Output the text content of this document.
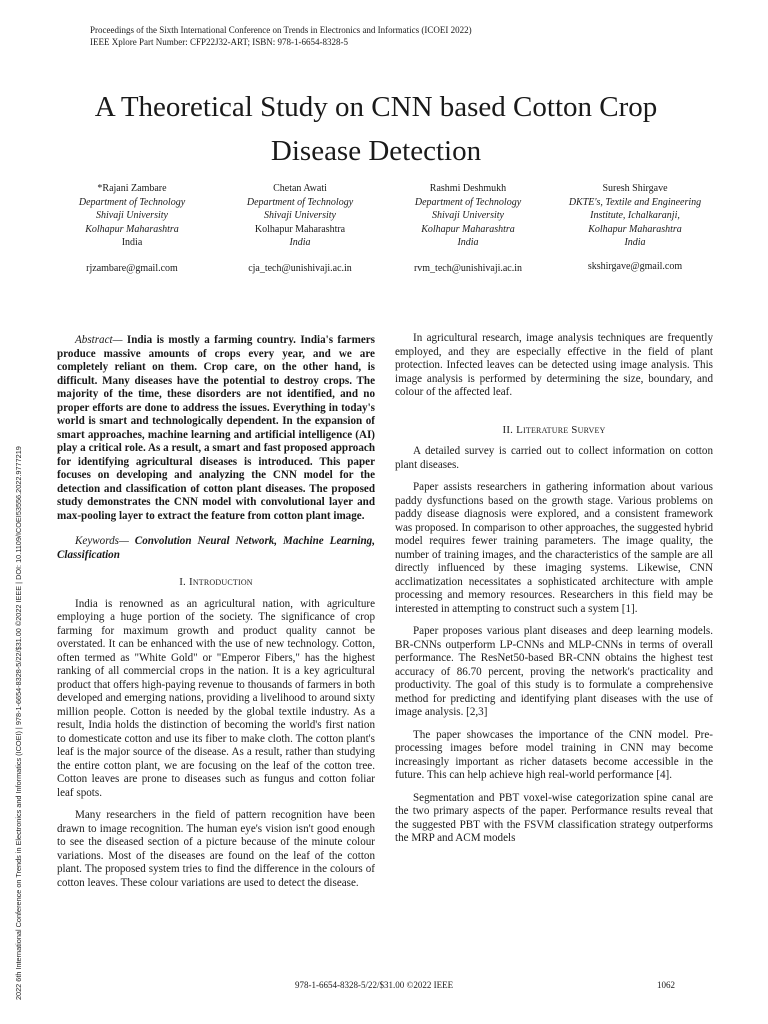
Proceedings of the Sixth International Conference on Trends in Electronics and Informatics (ICOEI 2022)
IEEE Xplore Part Number: CFP22J32-ART; ISBN: 978-1-6654-8328-5
2022 6th International Conference on Trends in Electronics and Informatics (ICOEI) | 978-1-6654-8328-5/22/$31.00 ©2022 IEEE | DOI: 10.1109/ICOEI53556.2022.9777219
A Theoretical Study on CNN based Cotton Crop Disease Detection
*Rajani Zambare
Department of Technology
Shivaji University
Kolhapur Maharashtra
India
rjzambare@gmail.com
Chetan Awati
Department of Technology
Shivaji University
Kolhapur Maharashtra
India
cja_tech@unishivaji.ac.in
Rashmi Deshmukh
Department of Technology
Shivaji University
Kolhapur Maharashtra
India
rvm_tech@unishivaji.ac.in
Suresh Shirgave
DKTE's, Textile and Engineering
Institute, Ichalkaranji,
Kolhapur Maharashtra
India
skshirgave@gmail.com

Abstract— India is mostly a farming country. India's farmers produce massive amounts of crops every year, and we are completely reliant on them. Crop care, on the other hand, is difficult. Many diseases have the potential to destroy crops. The majority of the time, these disorders are not identified, and no proper efforts are done to address the issues. Everything in today's world is smart and technologically dependent. In the expansion of smart approaches, machine learning and artificial intelligence (AI) play a critical role. As a result, a smart and fast proposed approach for identifying agricultural diseases is introduced. This paper focuses on developing and analyzing the CNN model for the detection and classification of cotton plant diseases. The proposed study demonstrates the CNN model with convolutional layer and max-pooling layer to extract the feature from cotton plant image.

Keywords— Convolution Neural Network, Machine Learning, Classification

I. Introduction

India is renowned as an agricultural nation, with agriculture employing a huge portion of the society. The significance of crop farming for maximum growth and product quality cannot be overstated. It can be enhanced with the use of new technology. Cotton, often termed as "White Gold" or "Emperor Fibers," has the highest ranking of all commercial crops in the nation. It is a key agricultural product that offers high-paying revenue to thousands of farmers in both developed and emerging nations, providing a livelihood to around sixty million people. Cotton is needed by the global textile industry. As a result, India holds the distinction of becoming the world's first nation to domesticate cotton and use its fiber to make cloth. The cotton plant's leaf is the major source of the disease. As a result, rather than studying the entire cotton plant, we are focusing on the leaf of the cotton tree. Cotton leaves are prone to diseases such as fungus and cotton foliar leaf spots.

Many researchers in the field of pattern recognition have been drawn to image recognition. The human eye's vision isn't good enough to see the diseased section of a picture because of the minute colour variations. Most of the diseases are found on the leaf of the cotton plant. The proposed system tries to find the difference in the colours of cotton leaves. These colour variations are used to detect the disease.

In agricultural research, image analysis techniques are frequently employed, and they are especially effective in the field of plant protection. Infected leaves can be detected using image analysis. This image analysis is performed by determining the size, boundary, and colour of the affected leaf.

II. Literature Survey

A detailed survey is carried out to collect information on cotton plant diseases.

Paper assists researchers in gathering information about various paddy dysfunctions based on the growth stage. Various problems on paddy disease diagnosis were explored, and a consistent framework was proposed. In comparison to other approaches, the suggested hybrid model requires fewer training parameters. The image quality, the number of training images, and the characteristics of the sample are all directly influenced by these imaging systems. Likewise, CNN acclimatization necessitates a sophisticated architecture with ample processing and memory resources. Researchers in this field may be interested in attempting to construct such a system [1].

Paper proposes various plant diseases and deep learning models. BR-CNNs outperform LP-CNNs and MLP-CNNs in terms of overall performance. The ResNet50-based BR-CNN obtains the highest test accuracy of 86.70 percent, proving the network's practicality and productivity. The goal of this study is to formulate a comprehensive method for predicting and identifying plant diseases with the use of image analysis. [2,3]

The paper showcases the importance of the CNN model. Pre-processing images before model training in CNN may become increasingly important as richer datasets become accessible in the future. This can help achieve high real-world performance [4].

Segmentation and PBT voxel-wise categorization spine canal are the two primary aspects of the paper. Performance results reveal that the suggested PBT with the FSVM classification strategy outperforms the MRP and ACM models

978-1-6654-8328-5/22/$31.00 ©2022 IEEE	1062
